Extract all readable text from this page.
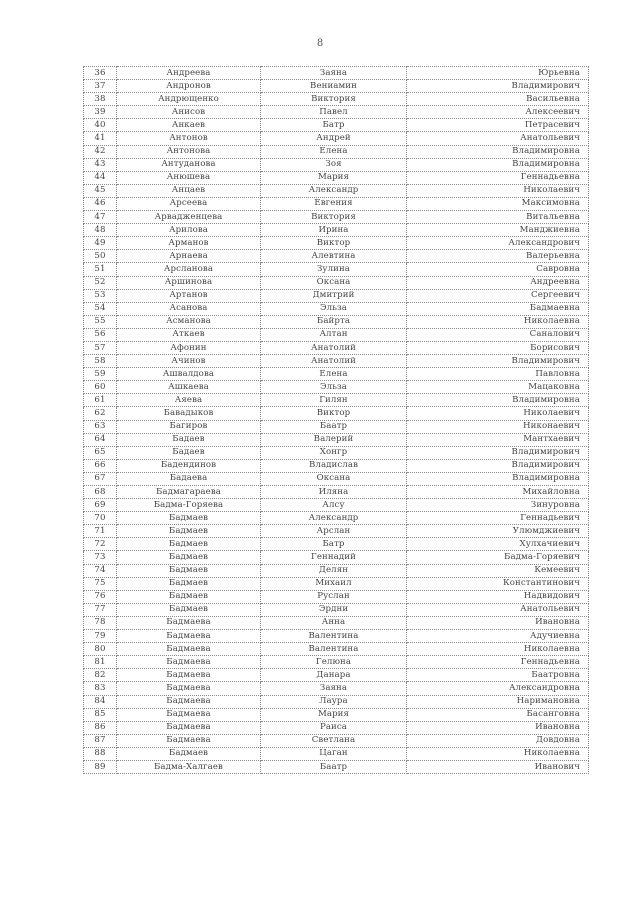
8
36	Андреева	Заяна	Юрьевна
37	Андронов	Вениамин	Владимирович
38	Андрющенко	Виктория	Васильевна
39	Анисов	Павел	Алексеевич
40	Анкаев	Батр	Петрасевич
41	Антонов	Андрей	Анатольевич
42	Антонова	Елена	Владимировна
43	Антуданова	Зоя	Владимировна
44	Анюшева	Мария	Геннадьевна
45	Анцаев	Александр	Николаевич
46	Арсеева	Евгения	Максимовна
47	Арвадженцева	Виктория	Витальевна
48	Арилова	Ирина	Манджиевна
49	Арманов	Виктор	Александрович
50	Арнаева	Алевтина	Валерьевна
51	Арсланова	Зулина	Савровна
52	Аршинова	Оксана	Андреевна
53	Артанов	Дмитрий	Сергеевич
54	Асанова	Эльза	Бадмаевна
55	Асманова	Байрта	Николаевна
56	Аткаев	Алтан	Саналович
57	Афонин	Анатолий	Борисович
58	Ачинов	Анатолий	Владимирович
59	Ашвалдова	Елена	Павловна
60	Ашкаева	Эльза	Мацаковна
61	Аяева	Гилян	Владимировна
62	Бавадыков	Виктор	Николаевич
63	Багиров	Баатр	Никонаевич
64	Бадаев	Валерий	Мантхаевич
65	Бадаев	Хонгр	Владимирович
66	Бадендинов	Владислав	Владимирович
67	Бадаева	Оксана	Владимировна
68	Бадмагараева	Иляна	Михайловна
69	Бадма-Горяева	Алсу	Зинуровна
70	Бадмаев	Александр	Геннадьевич
71	Бадмаев	Арслан	Улюмджиевич
72	Бадмаев	Батр	Хулхачиевич
73	Бадмаев	Геннадий	Бадма-Горяевич
74	Бадмаев	Делян	Кемеевич
75	Бадмаев	Михаил	Константинович
76	Бадмаев	Руслан	Надвидович
77	Бадмаев	Эрдни	Анатольевич
78	Бадмаева	Анна	Ивановна
79	Бадмаева	Валентина	Адучиевна
80	Бадмаева	Валентина	Николаевна
81	Бадмаева	Гелюна	Геннадьевна
82	Бадмаева	Данара	Баатровна
83	Бадмаева	Заяна	Александровна
84	Бадмаева	Лаура	Наримановна
85	Бадмаева	Мария	Басанговна
86	Бадмаева	Раиса	Ивановна
87	Бадмаева	Светлана	Довдовна
88	Бадмаев	Цаган	Николаевна
89	Бадма-Халгаев	Баатр	Иванович
